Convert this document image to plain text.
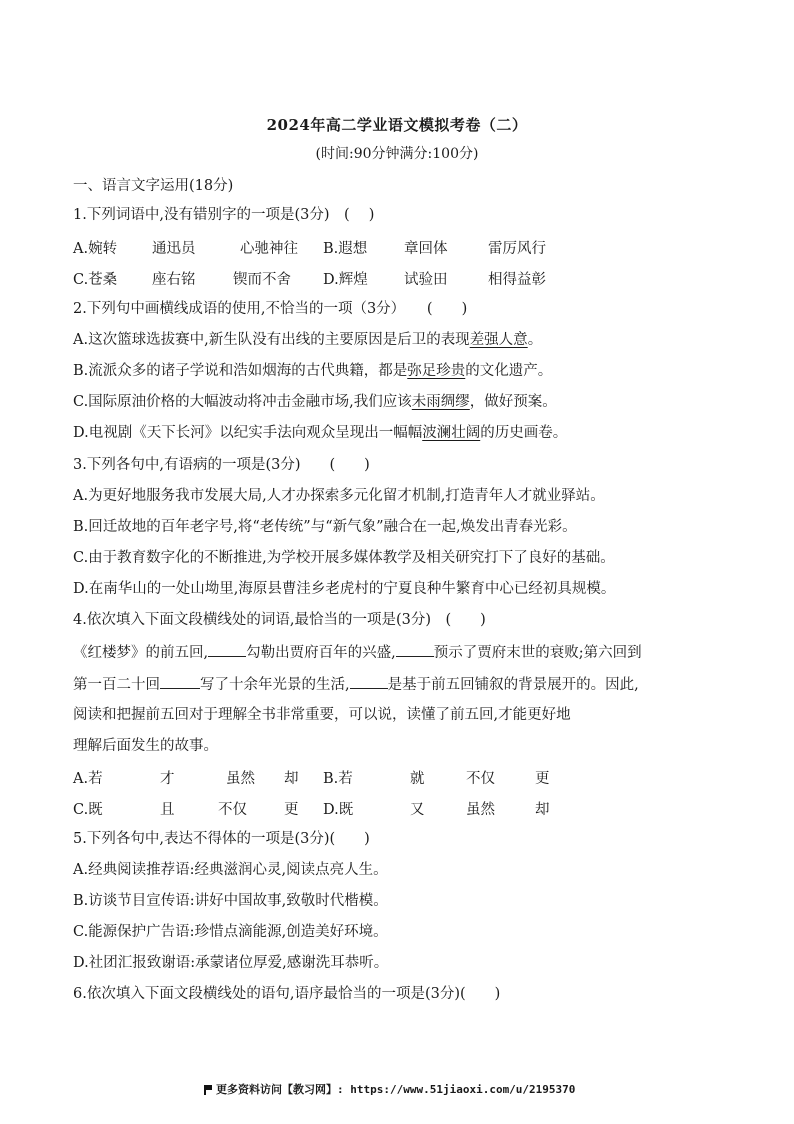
2024年高二学业语文模拟考卷（二）
(时间:90分钟满分:100分)
一、语言文字运用(18分)
1.下列词语中,没有错别字的一项是(3分)　(　 )
A.婉转 通迅员	心驰神往 B.遐想	章回体	雷厉风行
C.苍桑 座右铭	锲而不舍 D.辉煌	试验田	相得益彰
2.下列句中画横线成语的使用,不恰当的一项（3分）　　(　　)
A.这次篮球选拔赛中,新生队没有出线的主要原因是后卫的表现差强人意。
B.流派众多的诸子学说和浩如烟海的古代典籍，都是弥足珍贵的文化遗产。
C.国际原油价格的大幅波动将冲击金融市场,我们应该未雨绸缪，做好预案。
D.电视剧《天下长河》以纪实手法向观众呈现出一幅幅波澜壮阔的历史画卷。
3.下列各句中,有语病的一项是(3分)　　(　　)
A.为更好地服务我市发展大局,人才办探索多元化留才机制,打造青年人才就业驿站。
B.回迁故地的百年老字号,将“老传统”与“新气象”融合在一起,焕发出青春光彩。
C.由于教育数字化的不断推进,为学校开展多媒体教学及相关研究打下了良好的基础。
D.在南华山的一处山坳里,海原县曹洼乡老虎村的宁夏良种牛繁育中心已经初具规模。
4.依次填入下面文段横线处的词语,最恰当的一项是(3分)　(　　)
《红楼梦》的前五回,	勾勒出贾府百年的兴盛,	预示了贾府末世的衰败;第六回到
第一百二十回	写了十余年光景的生活,	是基于前五回铺叙的背景展开的。因此,
阅读和把握前五回对于理解全书非常重要，可以说，读懂了前五回,才能更好地
理解后面发生的故事。
A.若	才	虽然 却 B.若	就	不仅	更
C.既	且	不仅	更 D.既	又	虽然	却
5.下列各句中,表达不得体的一项是(3分)(　　)
A.经典阅读推荐语:经典滋润心灵,阅读点亮人生。
B.访谈节目宣传语:讲好中国故事,致敬时代楷模。
C.能源保护广告语:珍惜点滴能源,创造美好环境。
D.社团汇报致谢语:承蒙诸位厚爱,感谢洗耳恭听。
6.依次填入下面文段横线处的语句,语序最恰当的一项是(3分)(　　)
更多资料访问【教习网】: https://www.51jiaoxi.com/u/2195370
